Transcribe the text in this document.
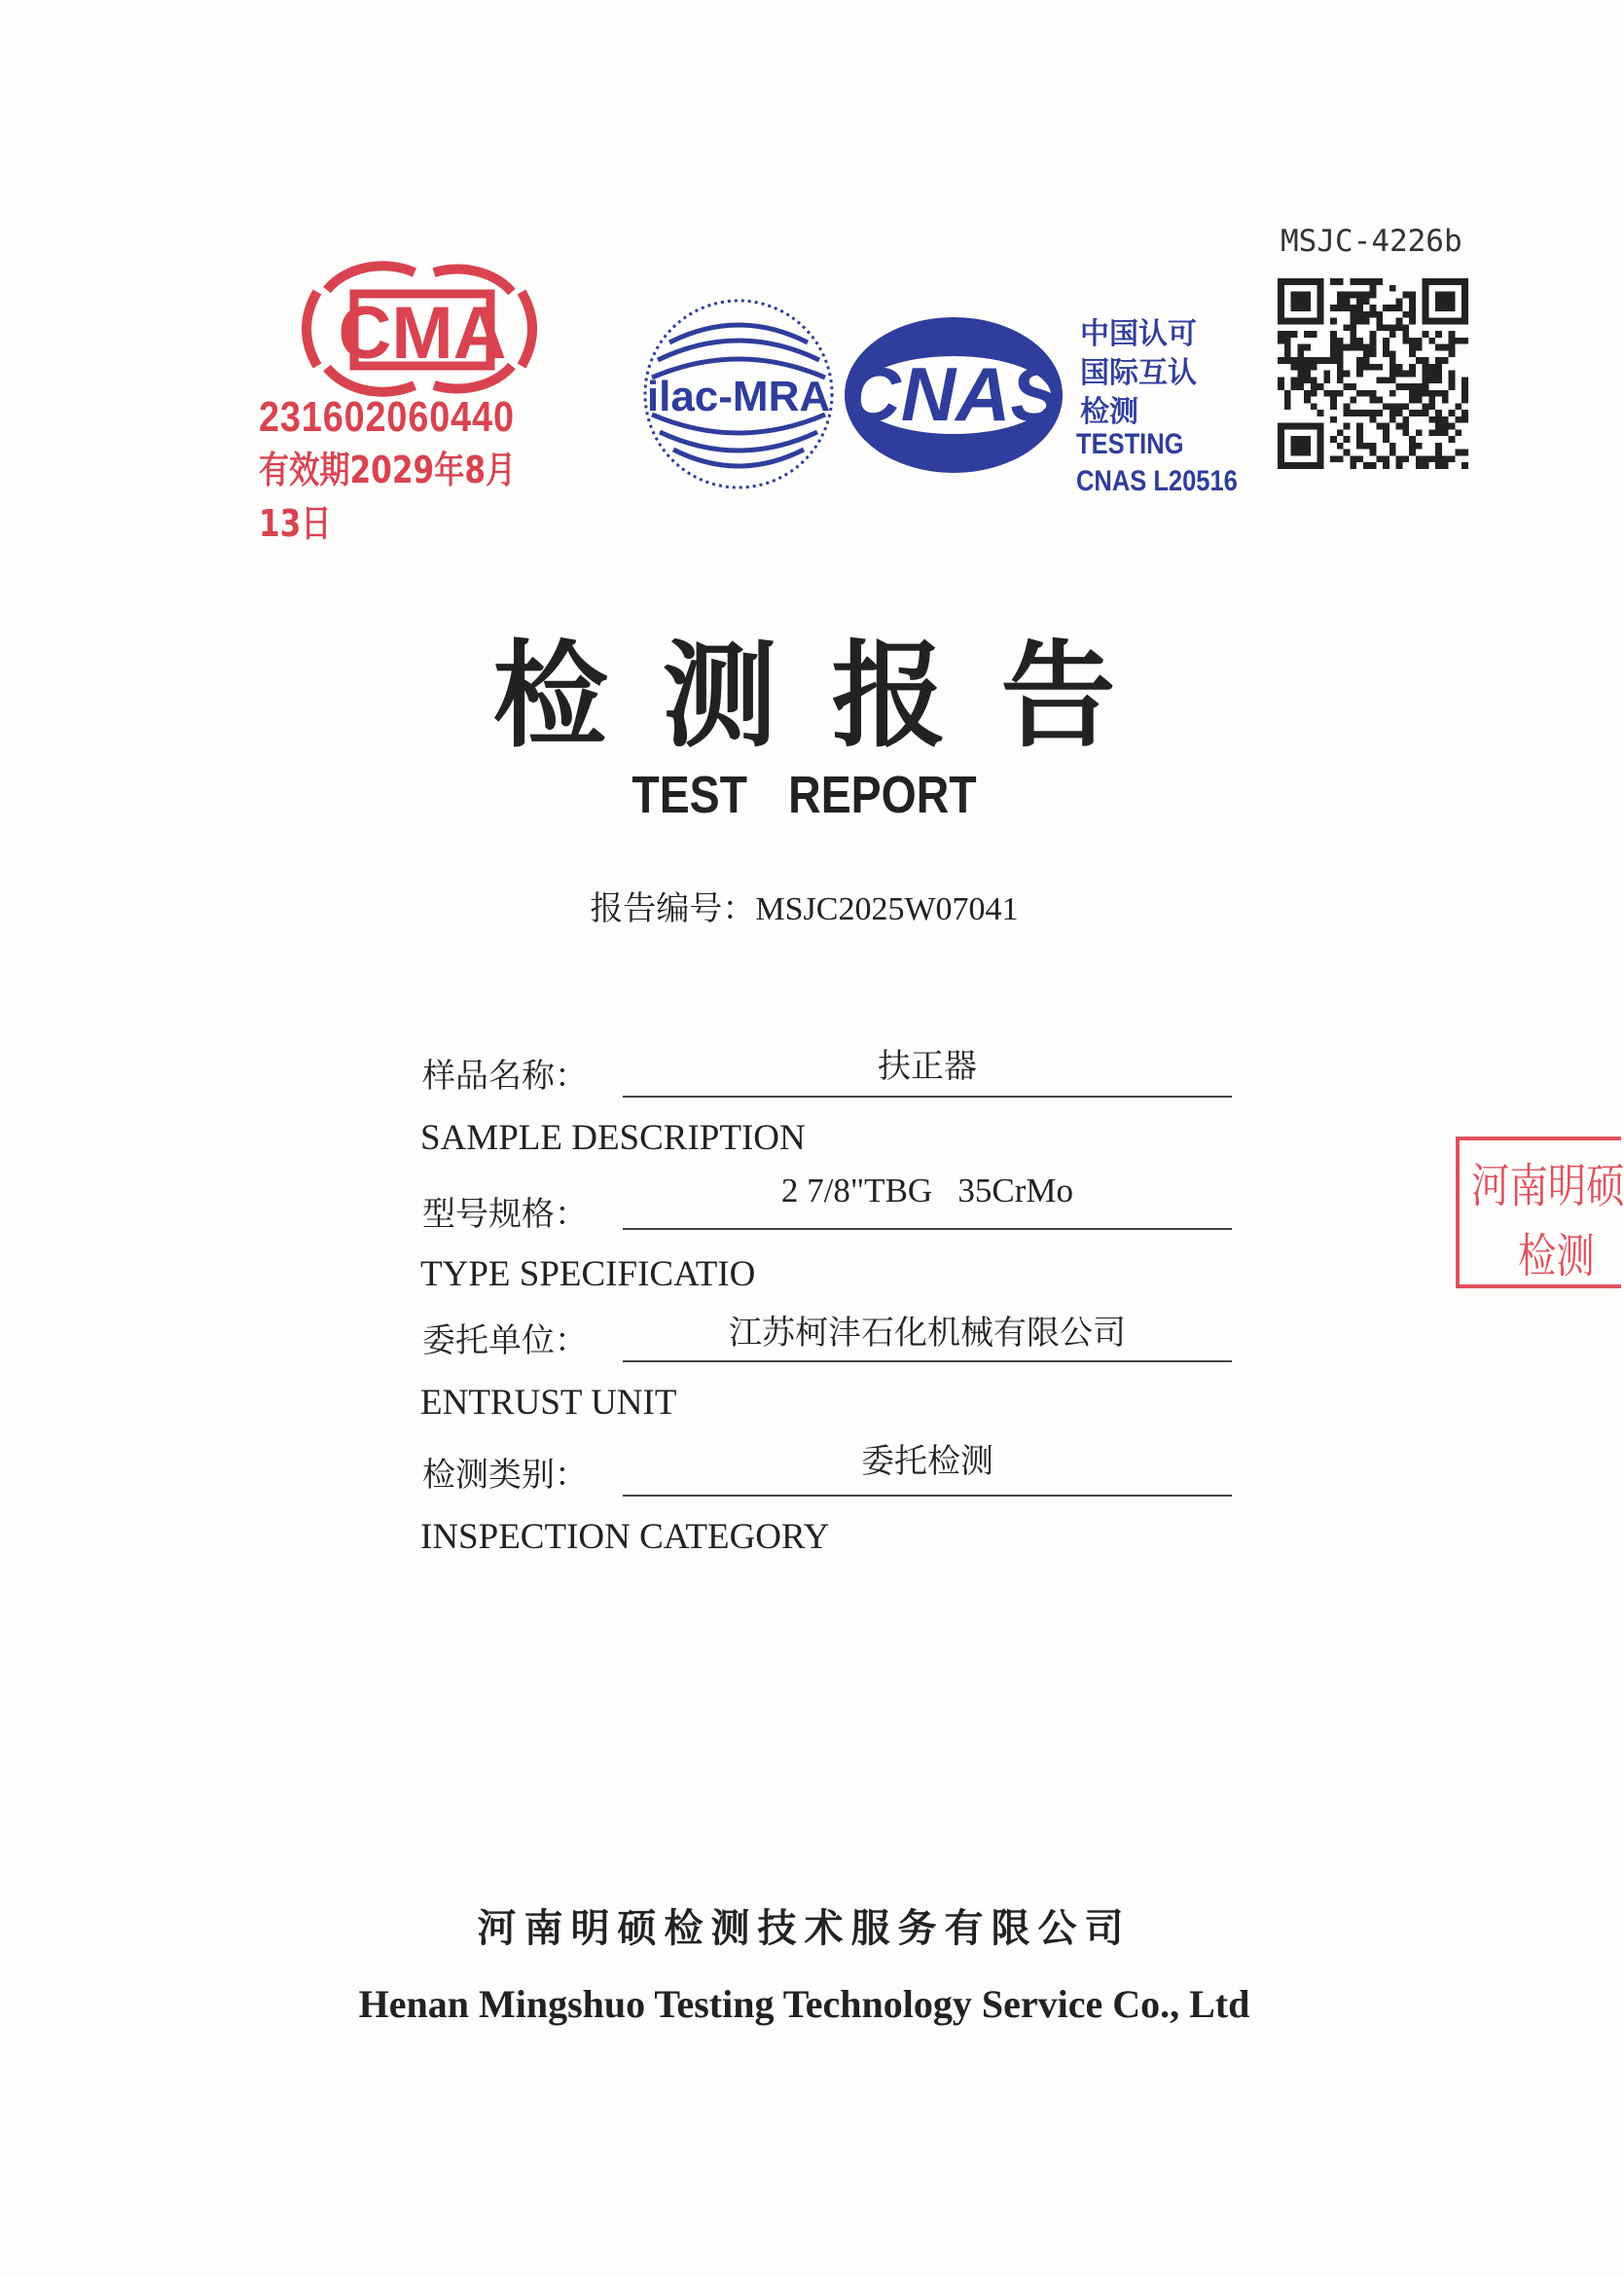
CMA
231602060440
有效期2029年8月13日
ilac-MRA CNAS
中国认可
国际互认
检测
TESTING
CNAS L20516
MSJC-4226b
检测报告
TEST REPORT
报告编号：MSJC2025W07041
样品名称：	扶正器
SAMPLE DESCRIPTION
型号规格：
2 7/8"TBG   35CrMo
TYPE SPECIFICATIO
委托单位：	江苏柯沣石化机械有限公司
ENTRUST UNIT
检测类别：	委托检测
INSPECTION CATEGORY
河南明硕
检测
河南明硕检测技术服务有限公司
Henan Mingshuo Testing Technology Service Co., Ltd
